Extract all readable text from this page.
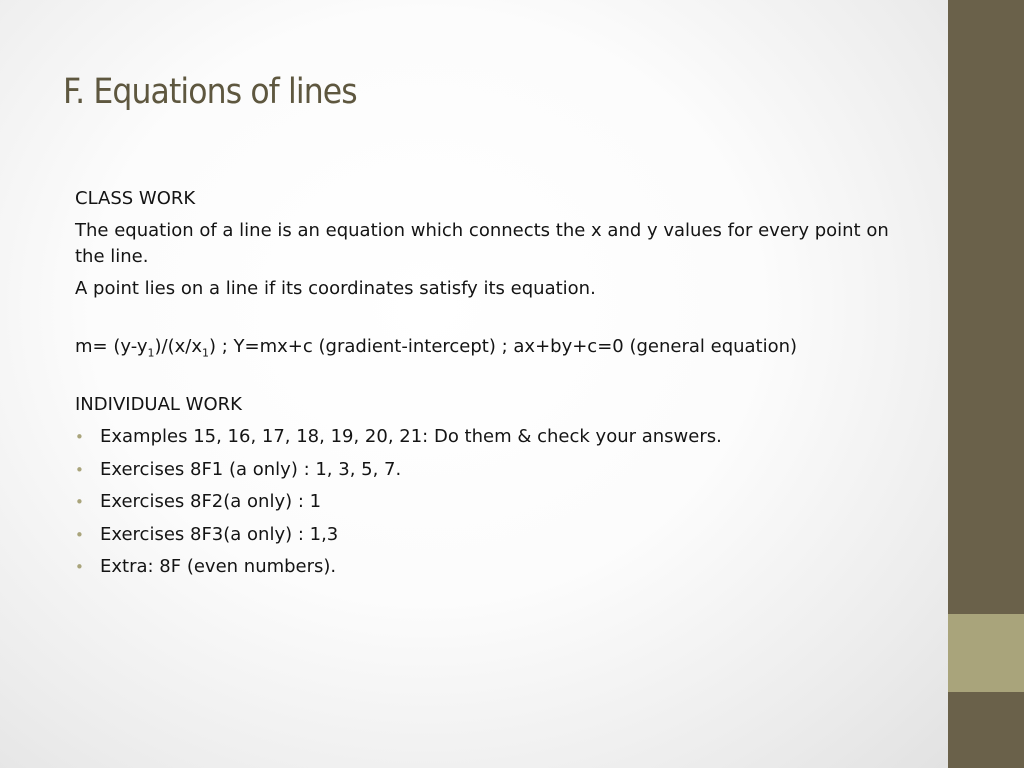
F. Equations of lines
CLASS WORK
The equation of a line is an equation which connects the x and y values for every point on the line.
A point lies on a line if its coordinates satisfy its equation.
$m= (y-y_1)/(x/x_1)$ ; Y=mx+c (gradient-intercept) ; ax+by+c=0 (general equation)
INDIVIDUAL WORK
• Examples 15, 16, 17, 18, 19, 20, 21: Do them & check your answers.
• Exercises 8F1 (a only) : 1, 3, 5, 7.
• Exercises 8F2(a only) : 1
• Exercises 8F3(a only) : 1,3
• Extra: 8F (even numbers).
